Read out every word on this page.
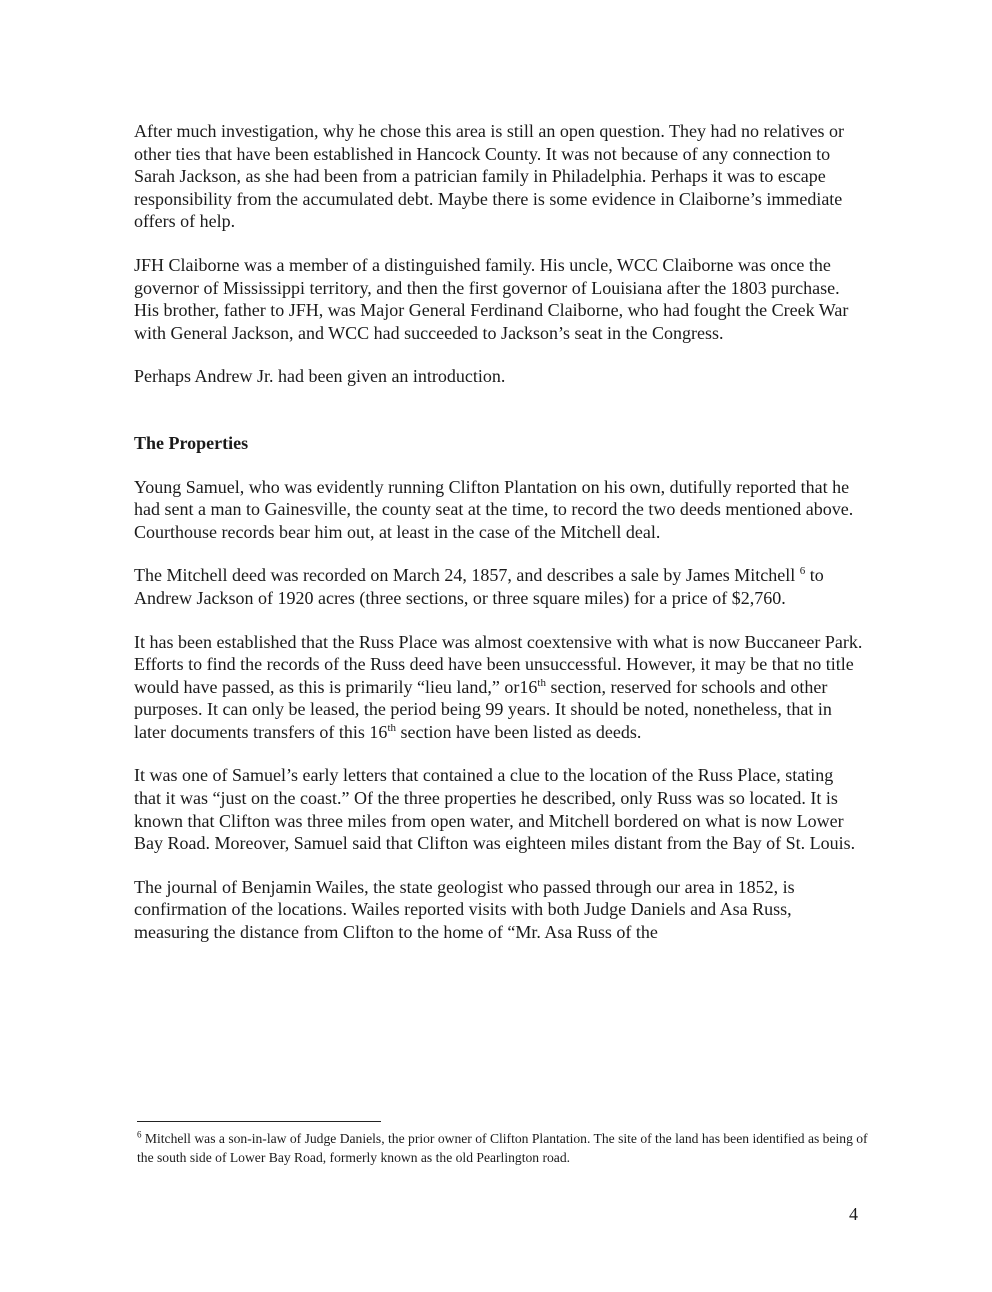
After much investigation, why he chose this area is still an open question. They had no relatives or other ties that have been established in Hancock County. It was not because of any connection to Sarah Jackson, as she had been from a patrician family in Philadelphia. Perhaps it was to escape responsibility from the accumulated debt. Maybe there is some evidence in Claiborne’s immediate offers of help.

JFH Claiborne was a member of a distinguished family. His uncle, WCC Claiborne was once the governor of Mississippi territory, and then the first governor of Louisiana after the 1803 purchase. His brother, father to JFH, was Major General Ferdinand Claiborne, who had fought the Creek War with General Jackson, and WCC had succeeded to Jackson’s seat in the Congress.

Perhaps Andrew Jr. had been given an introduction.

The Properties

Young Samuel, who was evidently running Clifton Plantation on his own, dutifully reported that he had sent a man to Gainesville, the county seat at the time, to record the two deeds mentioned above. Courthouse records bear him out, at least in the case of the Mitchell deal.

The Mitchell deed was recorded on March 24, 1857, and describes a sale by James Mitchell $^6$ to Andrew Jackson of 1920 acres (three sections, or three square miles) for a price of $2,760.

It has been established that the Russ Place was almost coextensive with what is now Buccaneer Park. Efforts to find the records of the Russ deed have been unsuccessful. However, it may be that no title would have passed, as this is primarily “lieu land,” or16th section, reserved for schools and other purposes. It can only be leased, the period being 99 years. It should be noted, nonetheless, that in later documents transfers of this 16th section have been listed as deeds.

It was one of Samuel’s early letters that contained a clue to the location of the Russ Place, stating that it was “just on the coast.” Of the three properties he described, only Russ was so located. It is known that Clifton was three miles from open water, and Mitchell bordered on what is now Lower Bay Road. Moreover, Samuel said that Clifton was eighteen miles distant from the Bay of St. Louis.

The journal of Benjamin Wailes, the state geologist who passed through our area in 1852, is confirmation of the locations. Wailes reported visits with both Judge Daniels and Asa Russ, measuring the distance from Clifton to the home of “Mr. Asa Russ of the

$^6$ Mitchell was a son-in-law of Judge Daniels, the prior owner of Clifton Plantation. The site of the land has been identified as being of the south side of Lower Bay Road, formerly known as the old Pearlington road.
4
